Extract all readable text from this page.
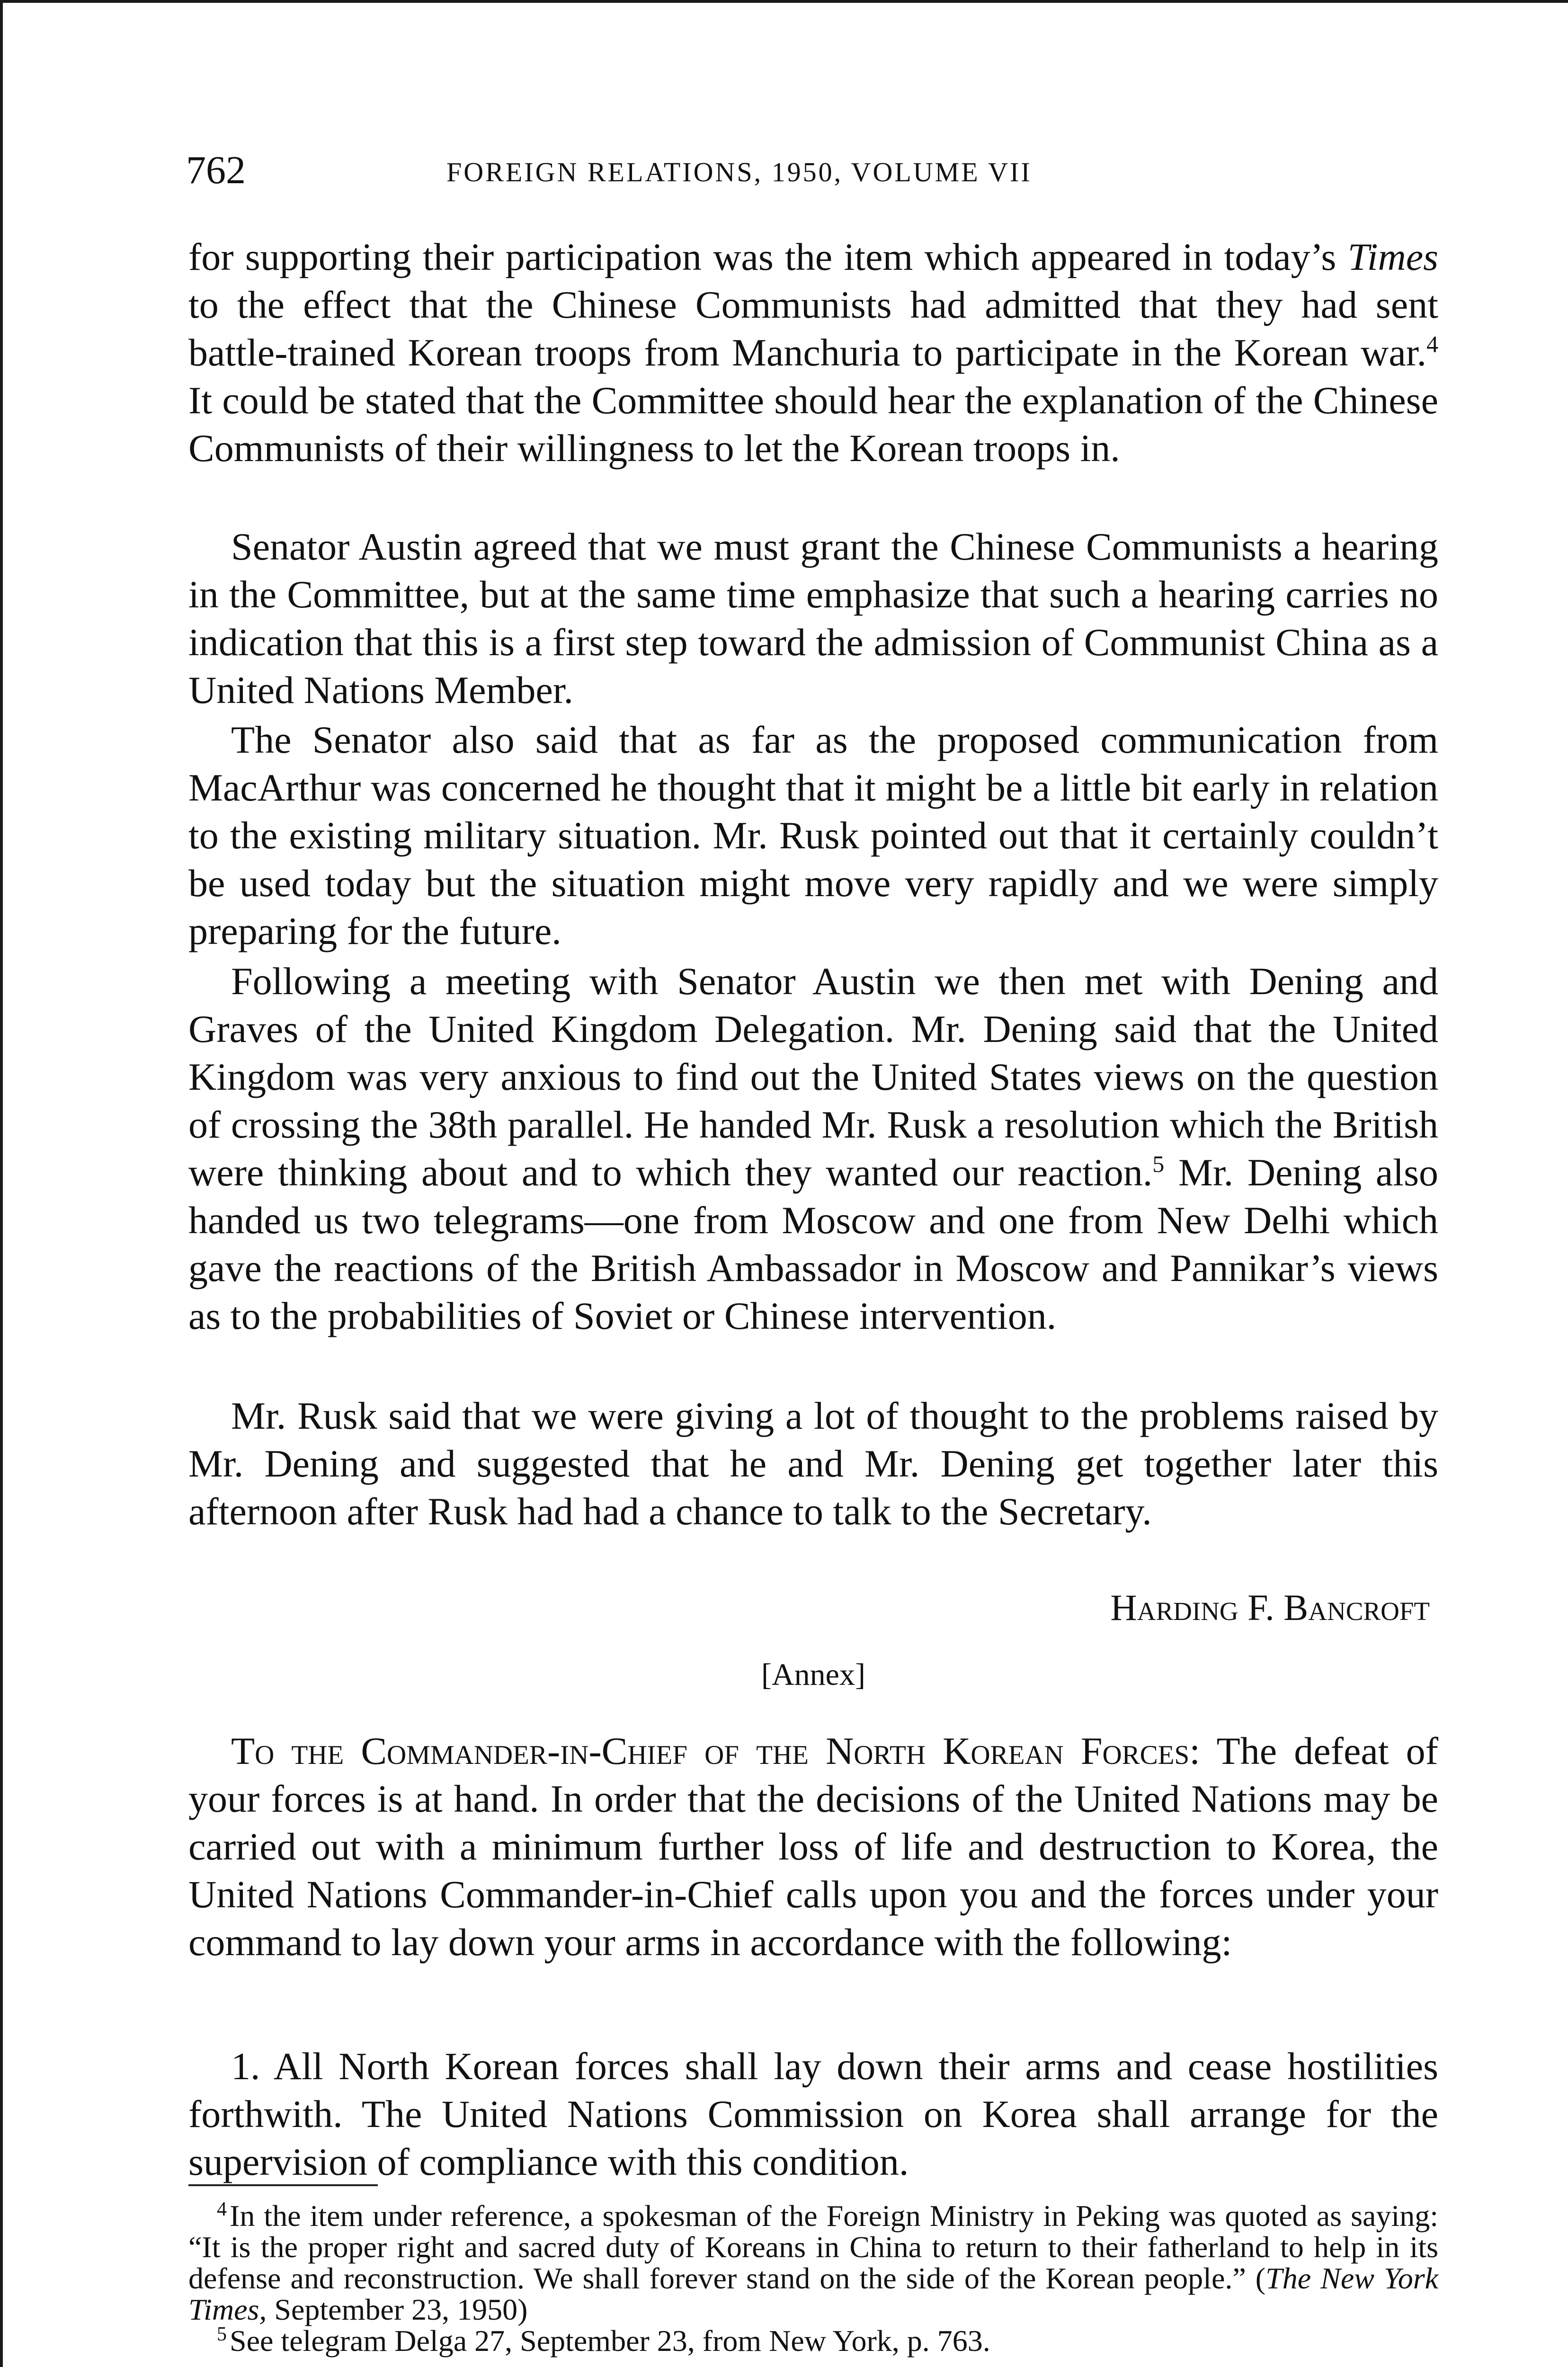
762	FOREIGN RELATIONS, 1950, VOLUME VII

for supporting their participation was the item which appeared in today’s Times to the effect that the Chinese Communists had admitted that they had sent battle-trained Korean troops from Manchuria to participate in the Korean war.$^4$ It could be stated that the Committee should hear the explanation of the Chinese Communists of their willingness to let the Korean troops in.

Senator Austin agreed that we must grant the Chinese Communists a hearing in the Committee, but at the same time emphasize that such a hearing carries no indication that this is a first step toward the admission of Communist China as a United Nations Member.

The Senator also said that as far as the proposed communication from MacArthur was concerned he thought that it might be a little bit early in relation to the existing military situation. Mr. Rusk pointed out that it certainly couldn’t be used today but the situation might move very rapidly and we were simply preparing for the future.

Following a meeting with Senator Austin we then met with Dening and Graves of the United Kingdom Delegation. Mr. Dening said that the United Kingdom was very anxious to find out the United States views on the question of crossing the 38th parallel. He handed Mr. Rusk a resolution which the British were thinking about and to which they wanted our reaction.$^5$ Mr. Dening also handed us two telegrams—one from Moscow and one from New Delhi which gave the reactions of the British Ambassador in Moscow and Pannikar’s views as to the probabilities of Soviet or Chinese intervention.

Mr. Rusk said that we were giving a lot of thought to the problems raised by Mr. Dening and suggested that he and Mr. Dening get together later this afternoon after Rusk had had a chance to talk to the Secretary.

Harding F. Bancroft
[Annex]

To the Commander-in-Chief of the North Korean Forces: The defeat of your forces is at hand. In order that the decisions of the United Nations may be carried out with a minimum further loss of life and destruction to Korea, the United Nations Commander-in-Chief calls upon you and the forces under your command to lay down your arms in accordance with the following:

1. All North Korean forces shall lay down their arms and cease hostilities forthwith. The United Nations Commission on Korea shall arrange for the supervision of compliance with this condition.

$^4$In the item under reference, a spokesman of the Foreign Ministry in Peking was quoted as saying: “It is the proper right and sacred duty of Koreans in China to return to their fatherland to help in its defense and reconstruction. We shall forever stand on the side of the Korean people.” (The New York Times, September 23, 1950)

$^5$See telegram Delga 27, September 23, from New York, p. 763.
